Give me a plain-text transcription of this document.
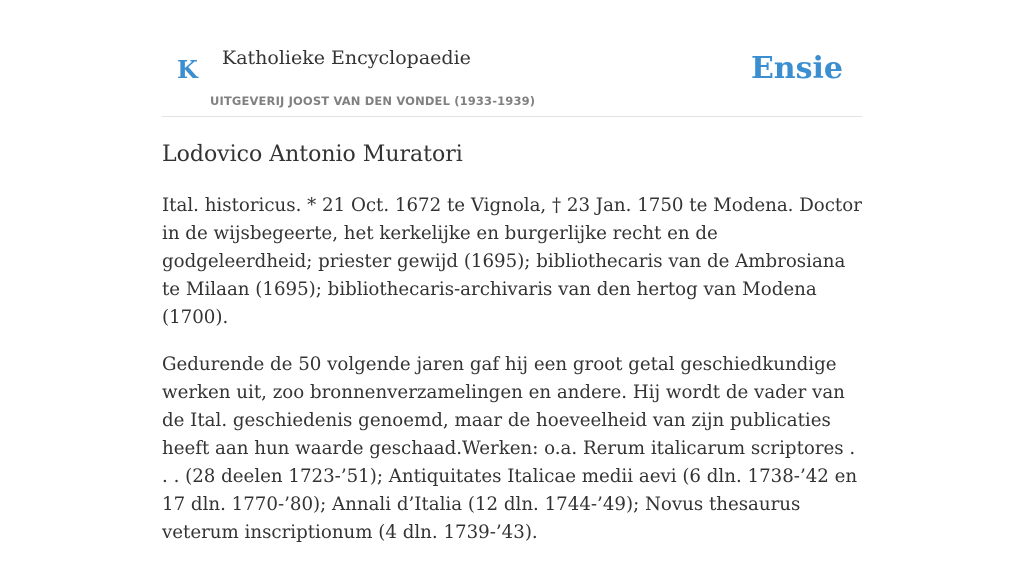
K Katholieke Encyclopaedie
UITGEVERIJ JOOST VAN DEN VONDEL (1933-1939)
Ensie
Lodovico Antonio Muratori

Ital. historicus. * 21 Oct. 1672 te Vignola, † 23 Jan. 1750 te Modena. Doctor in de wijsbegeerte, het kerkelijke en burgerlijke recht en de godgeleerdheid; priester gewijd (1695); bibliothecaris van de Ambrosiana te Milaan (1695); bibliothecaris-archivaris van den hertog van Modena (1700).

Gedurende de 50 volgende jaren gaf hij een groot getal geschiedkundige werken uit, zoo bronnenverzamelingen en andere. Hij wordt de vader van de Ital. geschiedenis genoemd, maar de hoeveelheid van zijn publicaties heeft aan hun waarde geschaad.Werken: o.a. Rerum italicarum scriptores . . . (28 deelen 1723-’51); Antiquitates Italicae medii aevi (6 dln. 1738-’42 en 17 dln. 1770-’80); Annali d’Italia (12 dln. 1744-’49); Novus thesaurus veterum inscriptionum (4 dln. 1739-’43).
